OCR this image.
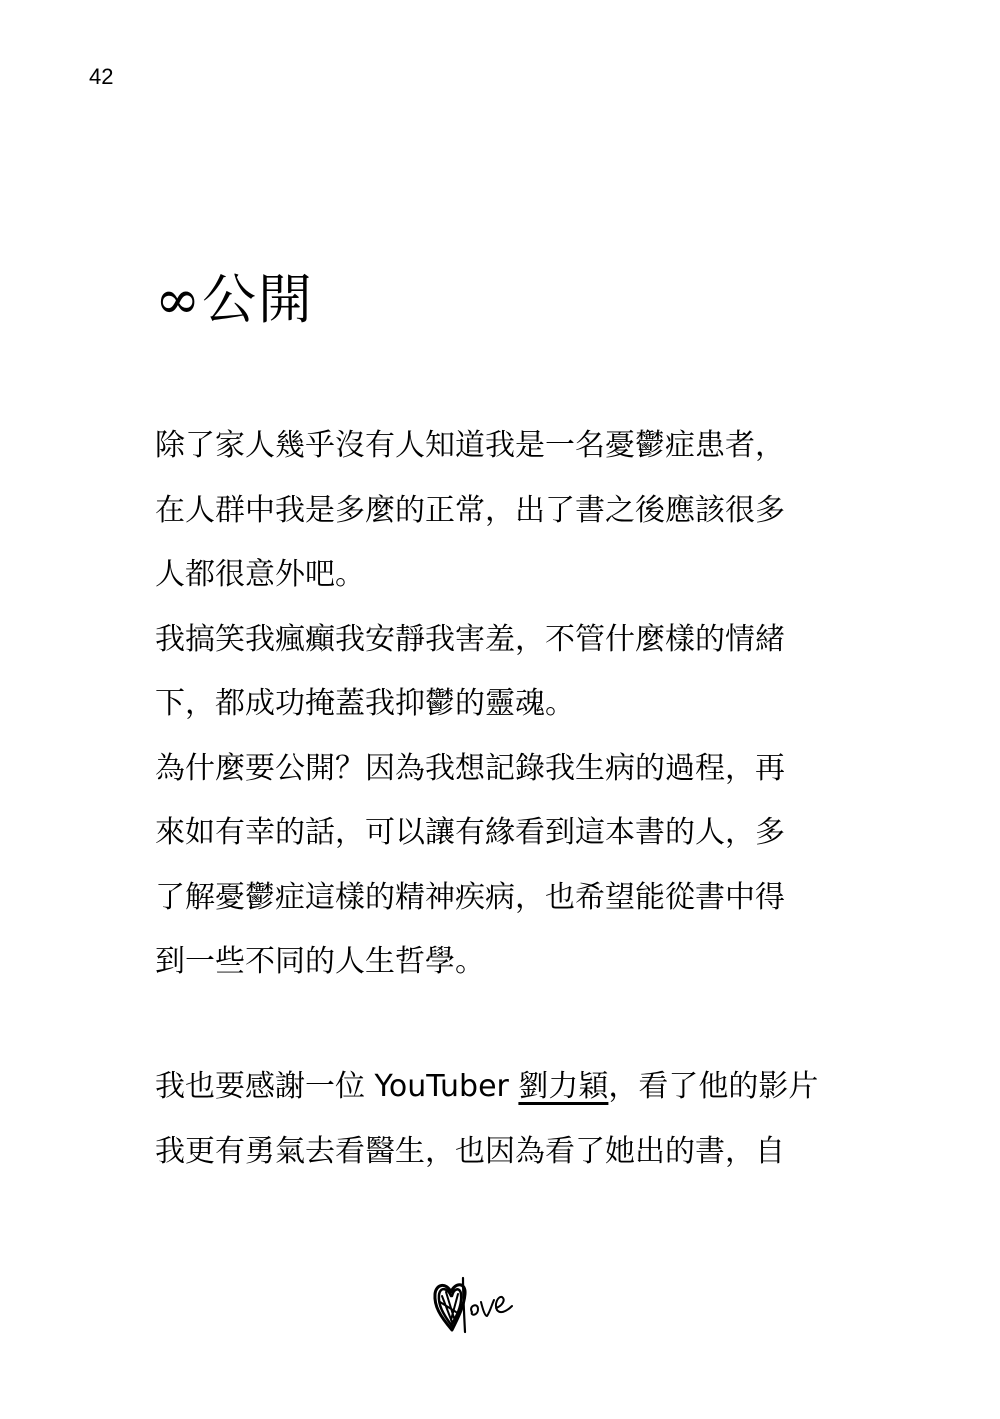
42
∞公開
除了家人幾乎沒有人知道我是一名憂鬱症患者，
在人群中我是多麼的正常，出了書之後應該很多
人都很意外吧。
我搞笑我瘋癲我安靜我害羞，不管什麼樣的情緒
下，都成功掩蓋我抑鬱的靈魂。
為什麼要公開？因為我想記錄我生病的過程，再
來如有幸的話，可以讓有緣看到這本書的人，多
了解憂鬱症這樣的精神疾病，也希望能從書中得
到一些不同的人生哲學。
我也要感謝一位 YouTuber 劉力穎，看了他的影片
我更有勇氣去看醫生，也因為看了她出的書，自
